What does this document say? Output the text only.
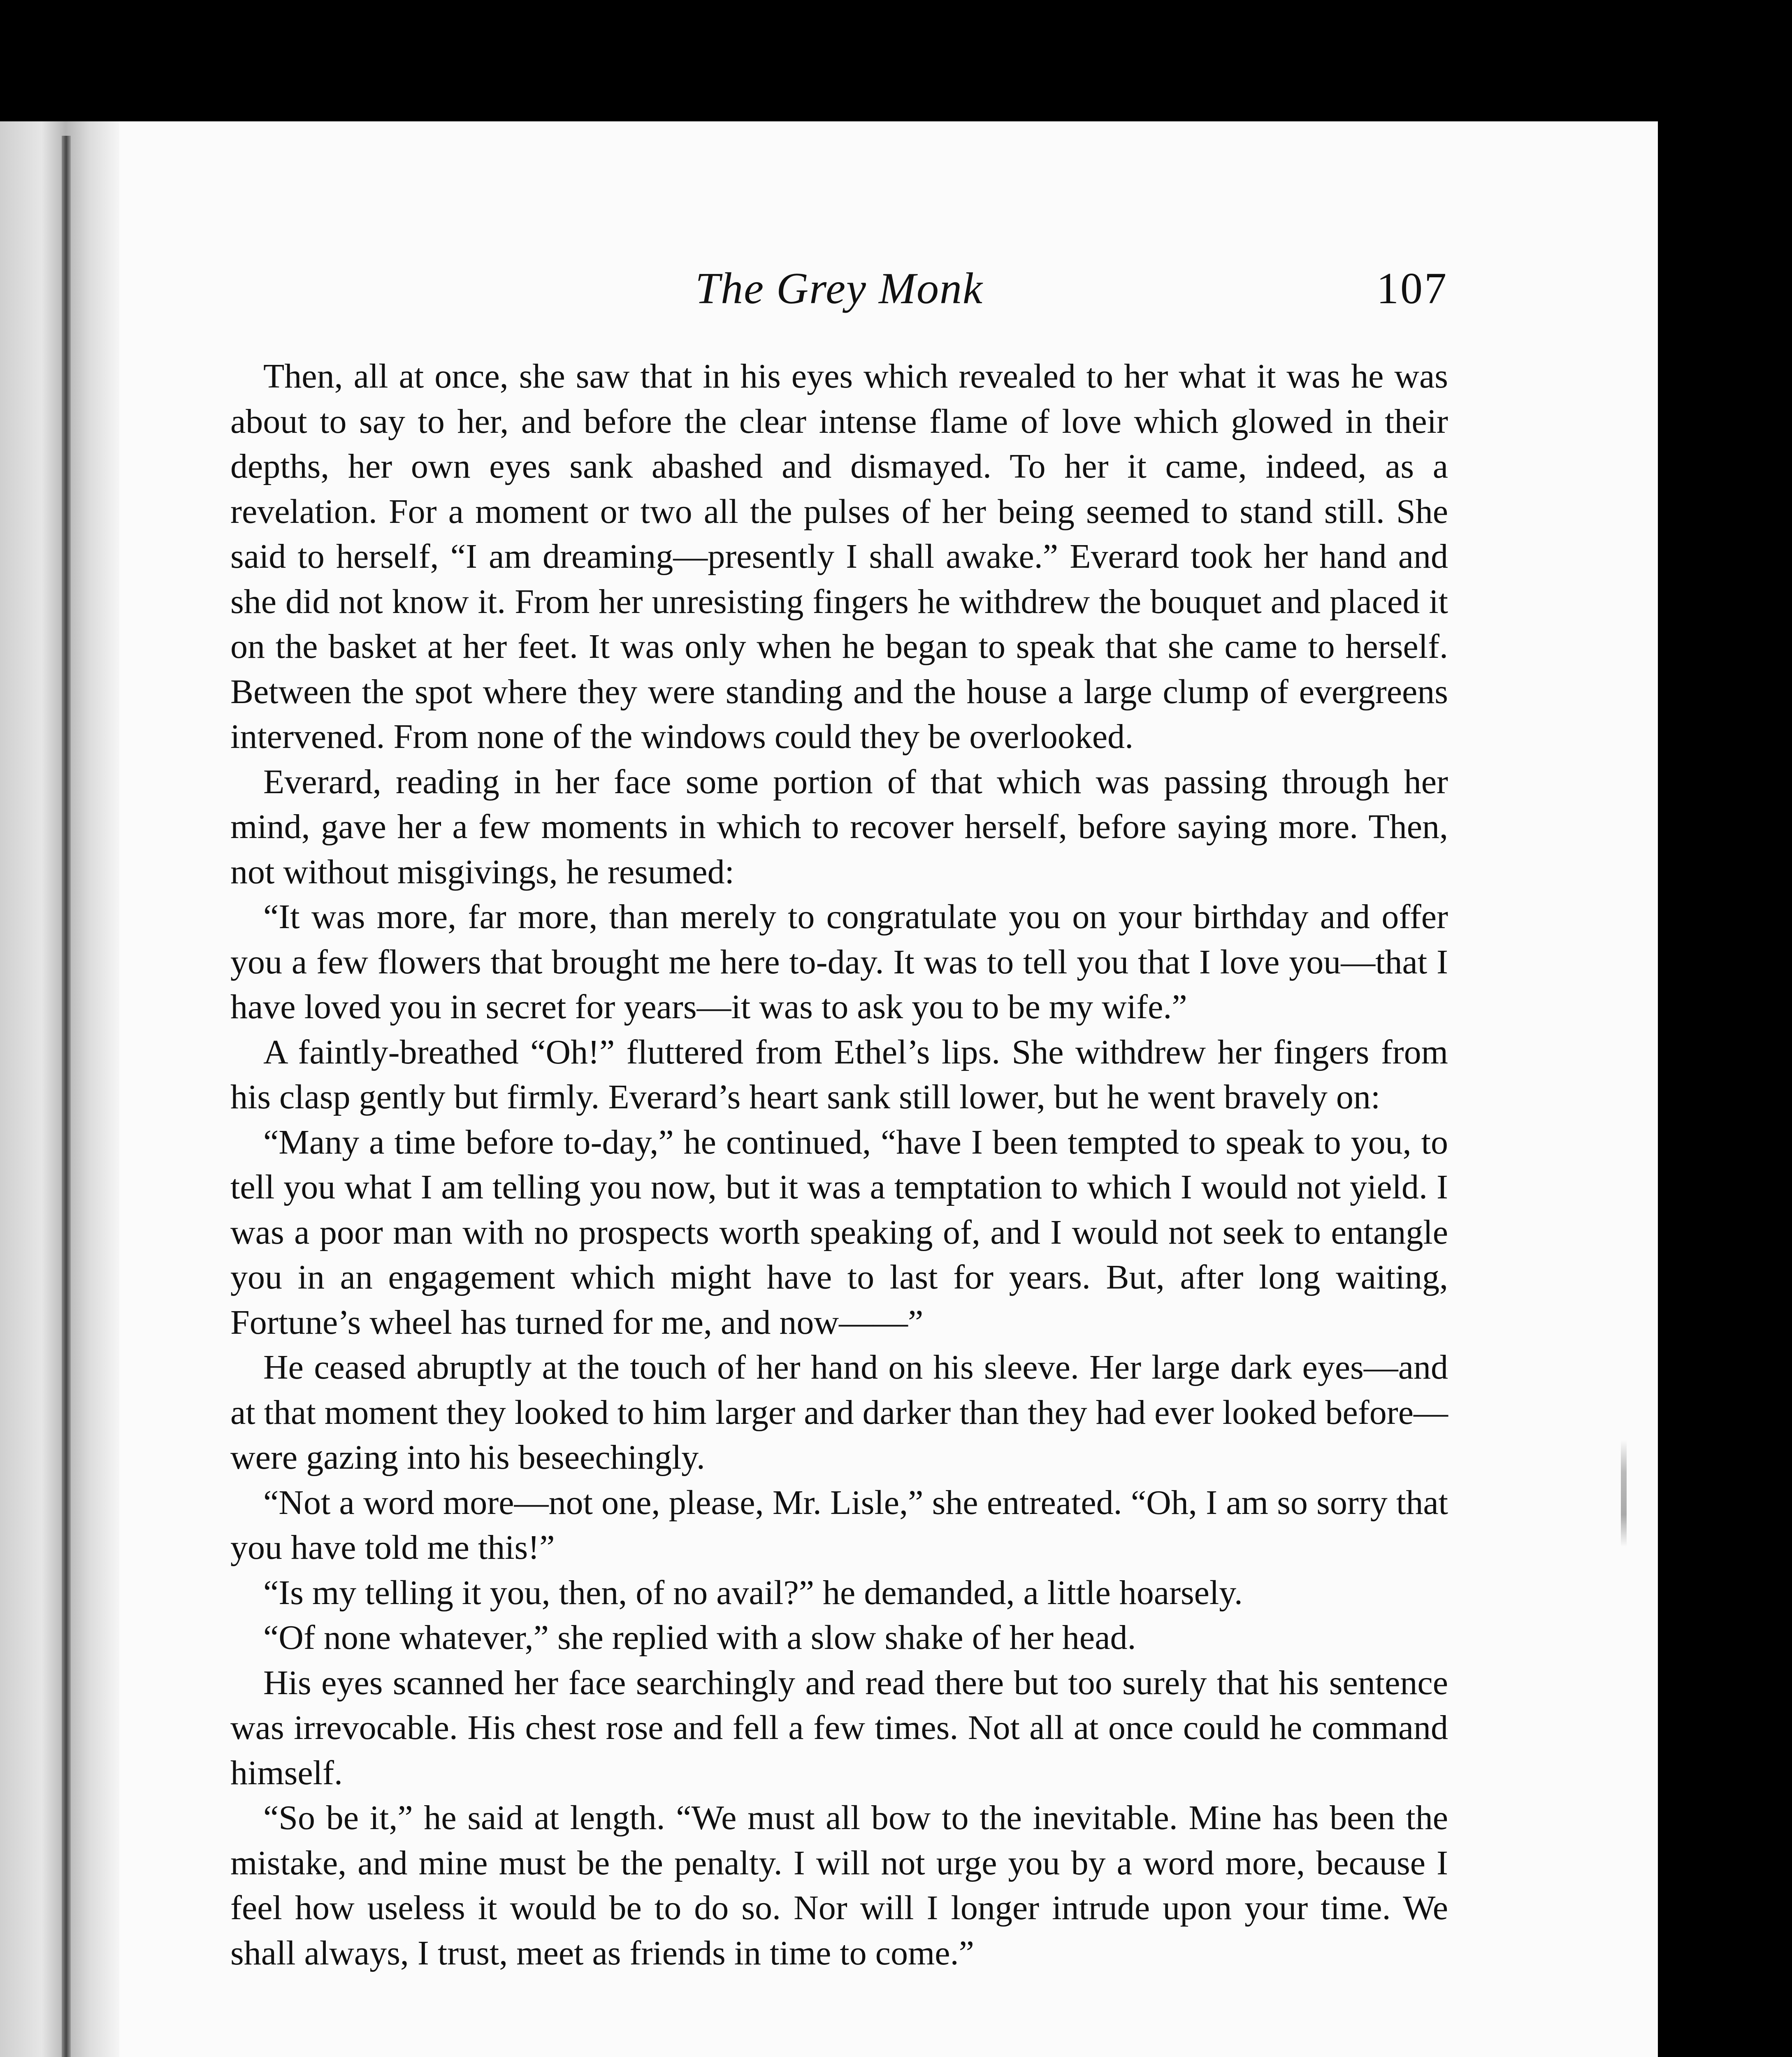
The Grey Monk	107

Then, all at once, she saw that in his eyes which revealed to her what it was he was about to say to her, and before the clear intense flame of love which glowed in their depths, her own eyes sank abashed and dismayed. To her it came, indeed, as a revelation. For a moment or two all the pulses of her being seemed to stand still. She said to herself, “I am dreaming—presently I shall awake.” Everard took her hand and she did not know it. From her unresisting fingers he withdrew the bouquet and placed it on the basket at her feet. It was only when he began to speak that she came to herself. Between the spot where they were standing and the house a large clump of evergreens intervened. From none of the windows could they be overlooked.

Everard, reading in her face some portion of that which was passing through her mind, gave her a few moments in which to recover herself, before saying more. Then, not without misgivings, he resumed:

“It was more, far more, than merely to congratulate you on your birthday and offer you a few flowers that brought me here to-day. It was to tell you that I love you—that I have loved you in secret for years—it was to ask you to be my wife.”

A faintly-breathed “Oh!” fluttered from Ethel’s lips. She withdrew her fingers from his clasp gently but firmly. Everard’s heart sank still lower, but he went bravely on:

“Many a time before to-day,” he continued, “have I been tempted to speak to you, to tell you what I am telling you now, but it was a temptation to which I would not yield. I was a poor man with no prospects worth speaking of, and I would not seek to entangle you in an engagement which might have to last for years. But, after long waiting, Fortune’s wheel has turned for me, and now——”

He ceased abruptly at the touch of her hand on his sleeve. Her large dark eyes—and at that moment they looked to him larger and darker than they had ever looked before—were gazing into his beseechingly.

“Not a word more—not one, please, Mr. Lisle,” she entreated. “Oh, I am so sorry that you have told me this!”

“Is my telling it you, then, of no avail?” he demanded, a little hoarsely.

“Of none whatever,” she replied with a slow shake of her head.

His eyes scanned her face searchingly and read there but too surely that his sentence was irrevocable. His chest rose and fell a few times. Not all at once could he command himself.

“So be it,” he said at length. “We must all bow to the inevitable. Mine has been the mistake, and mine must be the penalty. I will not urge you by a word more, because I feel how useless it would be to do so. Nor will I longer intrude upon your time. We shall always, I trust, meet as friends in time to come.”
